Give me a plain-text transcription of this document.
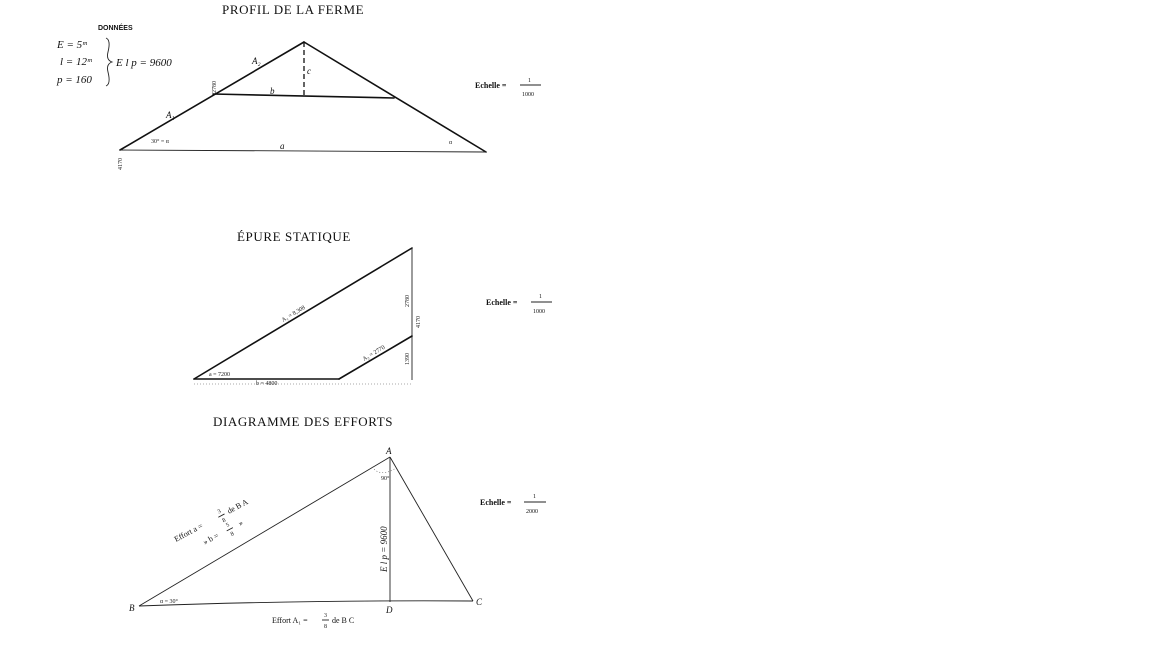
PROFIL DE LA FERME
DONNÉES
E = 5ᵐ
l = 12ᵐ
p = 160
E l p = 9600	A₂
A₁
b
c
a
30° = α	α
2780
4170
Echelle =	1
1000
ÉPURE STATIQUE
A₁ = 8,308
A₂ = 2770
a = 7200
b = 4800
2780
4170
1390
Echelle =
1
1000
DIAGRAMME DES EFFORTS
A
B
C
D
90°
α = 30°
E l p = 9600
Effort a =
3
8
de B A
» b =
5
8
»
Effort A₁ =	3
8
de B C
Echelle =
1
2000
